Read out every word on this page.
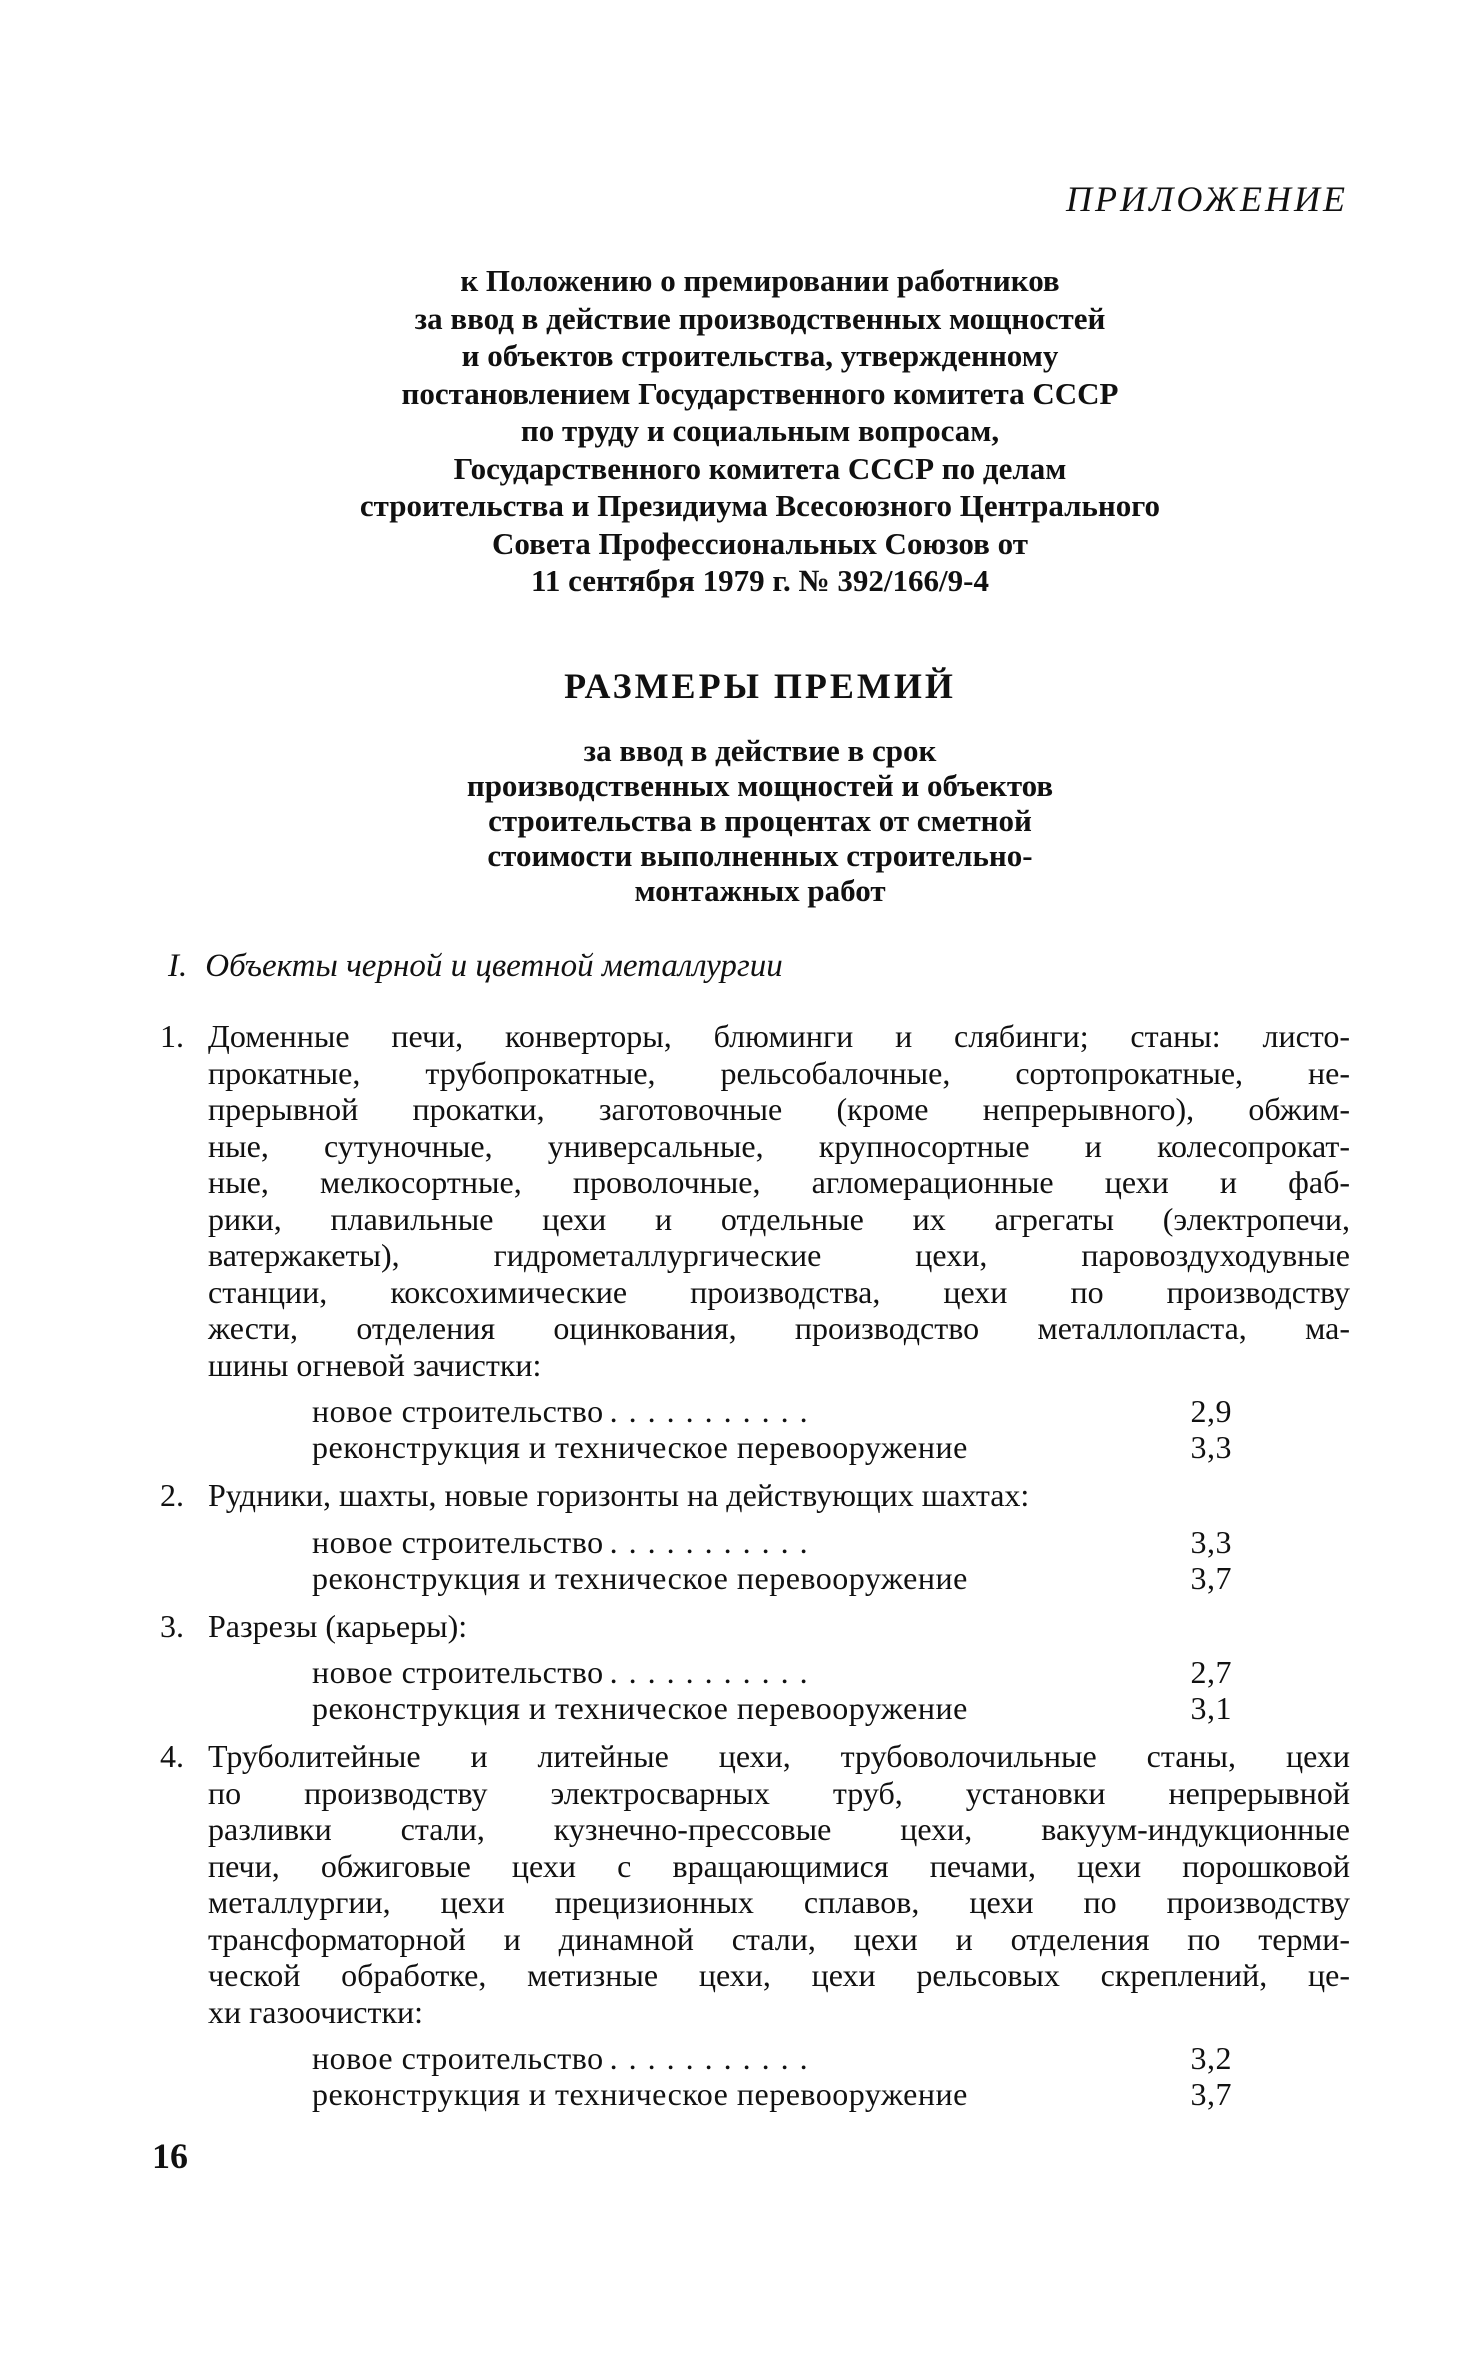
ПРИЛОЖЕНИЕ
к Положению о премировании работников
за ввод в действие производственных мощностей
и объектов строительства, утвержденному
постановлением Государственного комитета СССР
по труду и социальным вопросам,
Государственного комитета СССР по делам
строительства и Президиума Всесоюзного Центрального
Совета Профессиональных Союзов от
11 сентября 1979 г. № 392/166/9-4
РАЗМЕРЫ ПРЕМИЙ
за ввод в действие в срок
производственных мощностей и объектов
строительства в процентах от сметной
стоимости выполненных строительно-
монтажных работ
I. Объекты черной и цветной металлургии
1. Доменные печи, конверторы, блюминги и слябинги; станы: листо-
прокатные, трубопрокатные, рельсобалочные, сортопрокатные, не-
прерывной прокатки, заготовочные (кроме непрерывного), обжим-
ные, сутуночные, универсальные, крупносортные и колесопрокат-
ные, мелкосортные, проволочные, агломерационные цехи и фаб-
рики, плавильные цехи и отдельные их агрегаты (электропечи,
ватержакеты), гидрометаллургические цехи, паровоздуходувные
станции, коксохимические производства, цехи по производству
жести, отделения оцинкования, производство металлопласта, ма-
шины огневой зачистки:
новое строительство ...........	2,9
реконструкция и техническое перевооружение	3,3
2. Рудники, шахты, новые горизонты на действующих шахтах:
новое строительство ...........	3,3
реконструкция и техническое перевооружение	3,7
3. Разрезы (карьеры):
новое строительство ...........	2,7
реконструкция и техническое перевооружение	3,1
4. Труболитейные и литейные цехи, трубоволочильные станы, цехи
по производству электросварных труб, установки непрерывной
разливки стали, кузнечно-прессовые цехи, вакуум-индукционные
печи, обжиговые цехи с вращающимися печами, цехи порошковой
металлургии, цехи прецизионных сплавов, цехи по производству
трансформаторной и динамной стали, цехи и отделения по терми-
ческой обработке, метизные цехи, цехи рельсовых скреплений, це-
хи газоочистки:
новое строительство ...........	3,2
реконструкция и техническое перевооружение	3,7
16
